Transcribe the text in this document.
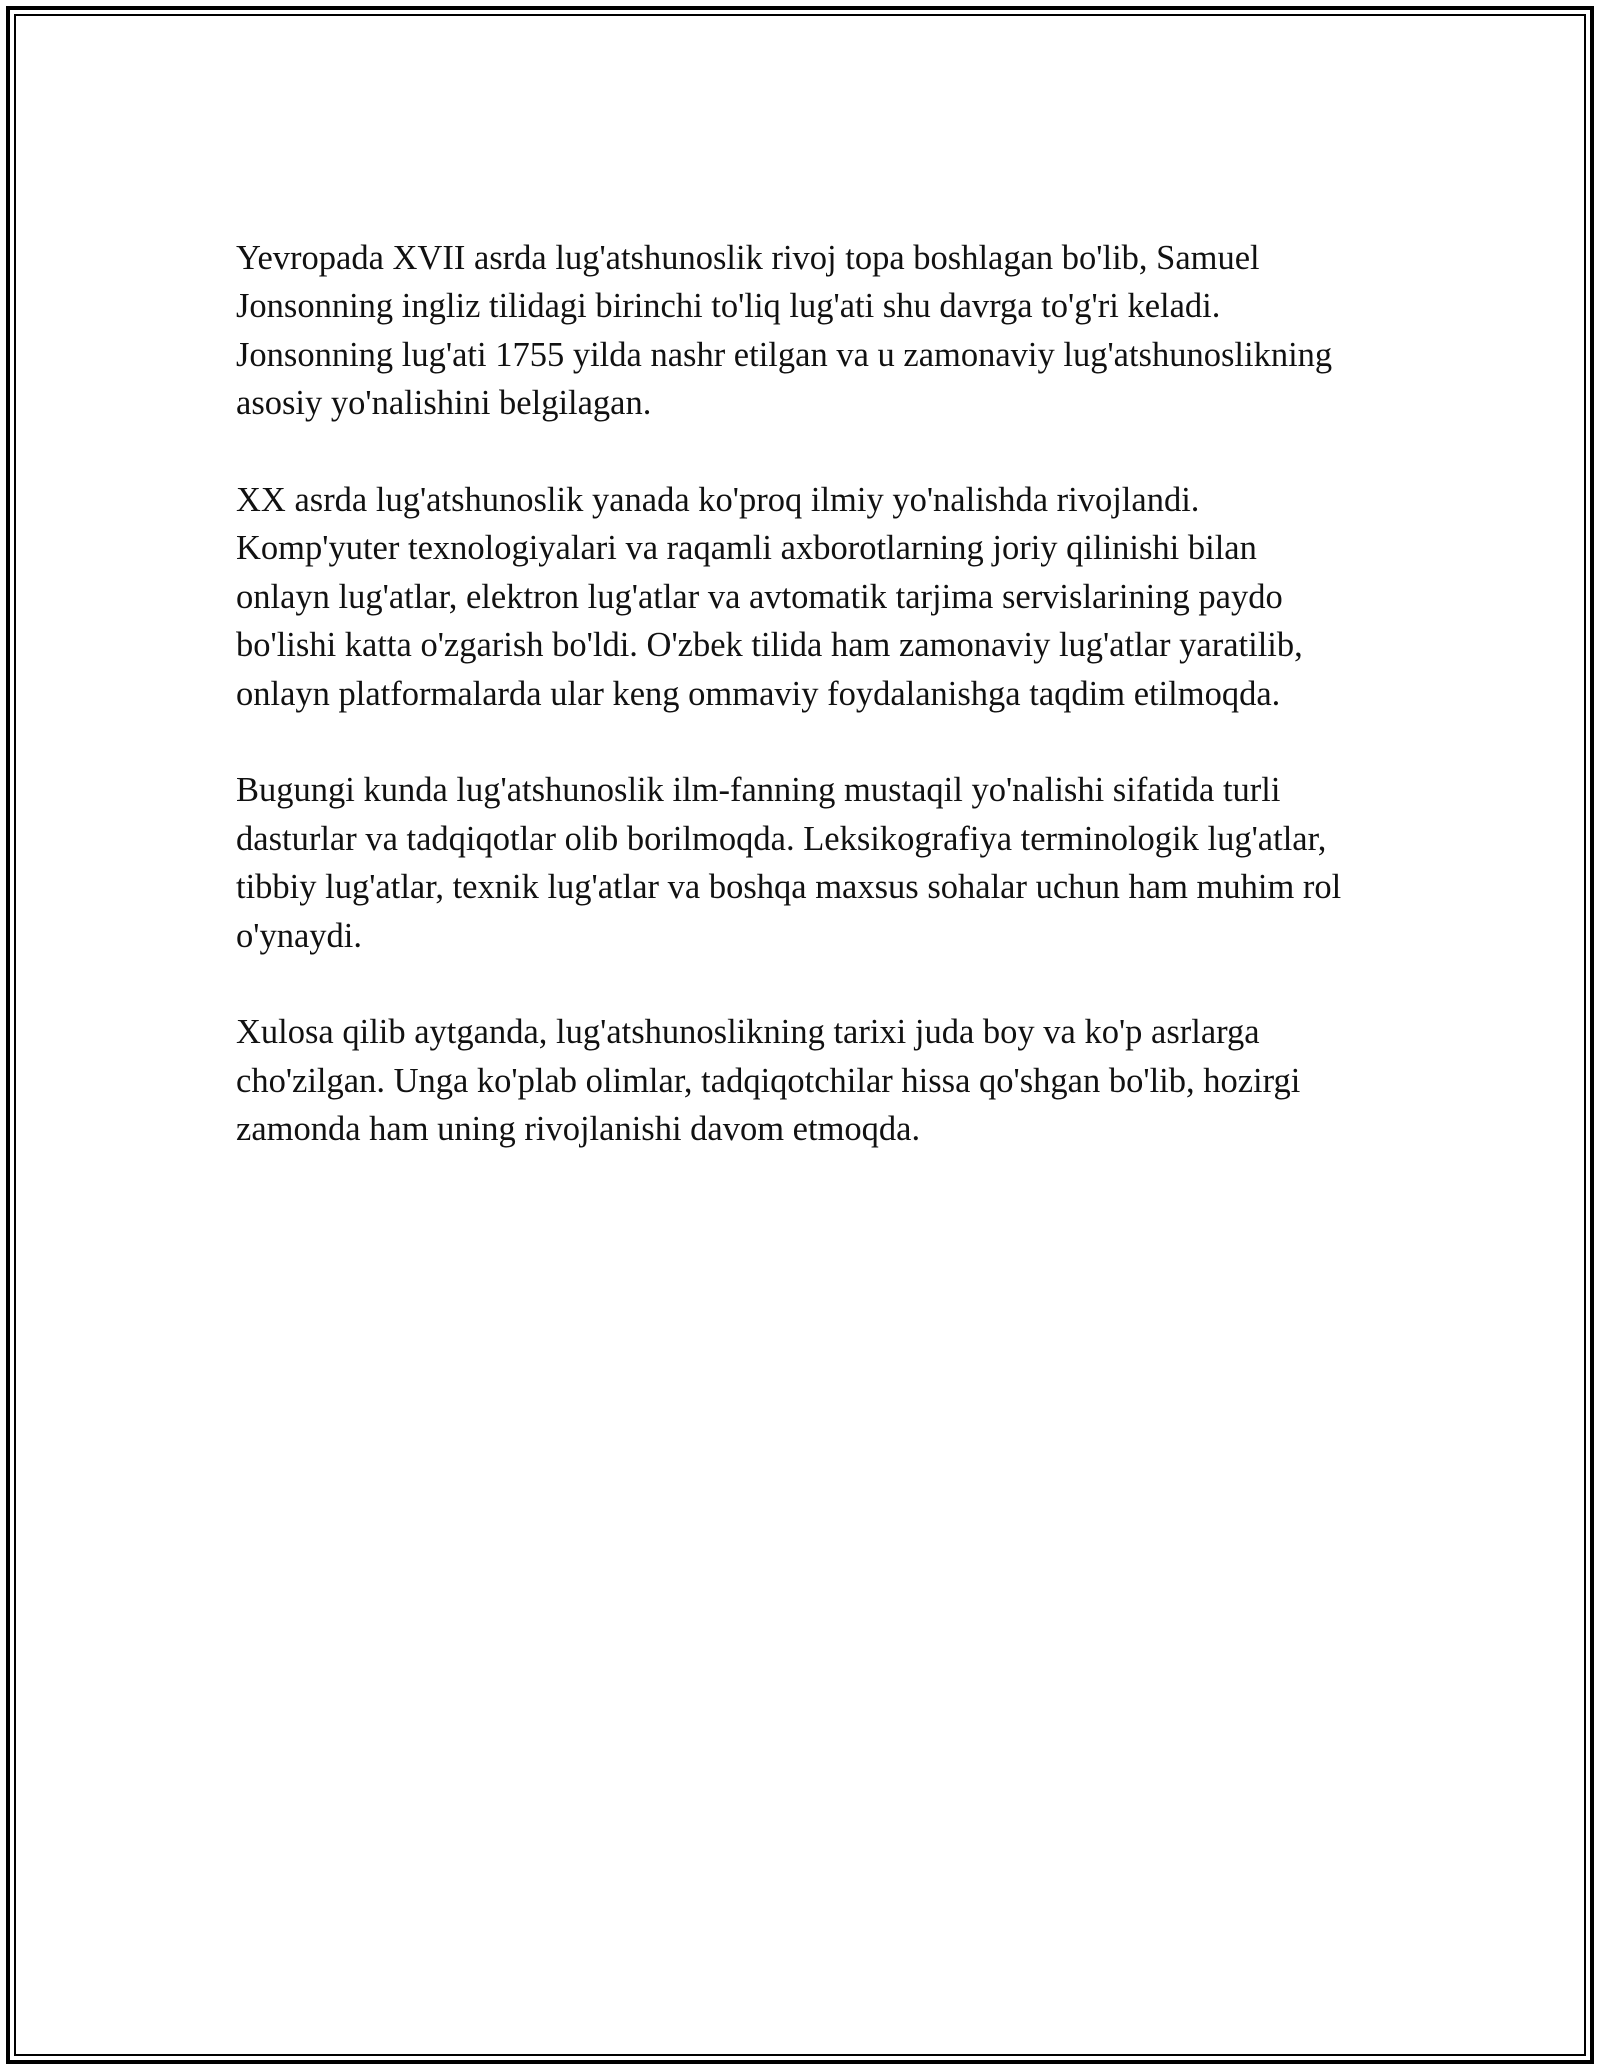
Yevropada XVII asrda lug'atshunoslik rivoj topa boshlagan bo'lib, Samuel Jonsonning ingliz tilidagi birinchi to'liq lug'ati shu davrga to'g'ri keladi. Jonsonning lug'ati 1755 yilda nashr etilgan va u zamonaviy lug'atshunoslikning asosiy yo'nalishini belgilagan.

XX asrda lug'atshunoslik yanada ko'proq ilmiy yo'nalishda rivojlandi. Komp'yuter texnologiyalari va raqamli axborotlarning joriy qilinishi bilan onlayn lug'atlar, elektron lug'atlar va avtomatik tarjima servislarining paydo bo'lishi katta o'zgarish bo'ldi. O'zbek tilida ham zamonaviy lug'atlar yaratilib, onlayn platformalarda ular keng ommaviy foydalanishga taqdim etilmoqda.

Bugungi kunda lug'atshunoslik ilm-fanning mustaqil yo'nalishi sifatida turli dasturlar va tadqiqotlar olib borilmoqda. Leksikografiya terminologik lug'atlar, tibbiy lug'atlar, texnik lug'atlar va boshqa maxsus sohalar uchun ham muhim rol o'ynaydi.

Xulosa qilib aytganda, lug'atshunoslikning tarixi juda boy va ko'p asrlarga cho'zilgan. Unga ko'plab olimlar, tadqiqotchilar hissa qo'shgan bo'lib, hozirgi zamonda ham uning rivojlanishi davom etmoqda.
